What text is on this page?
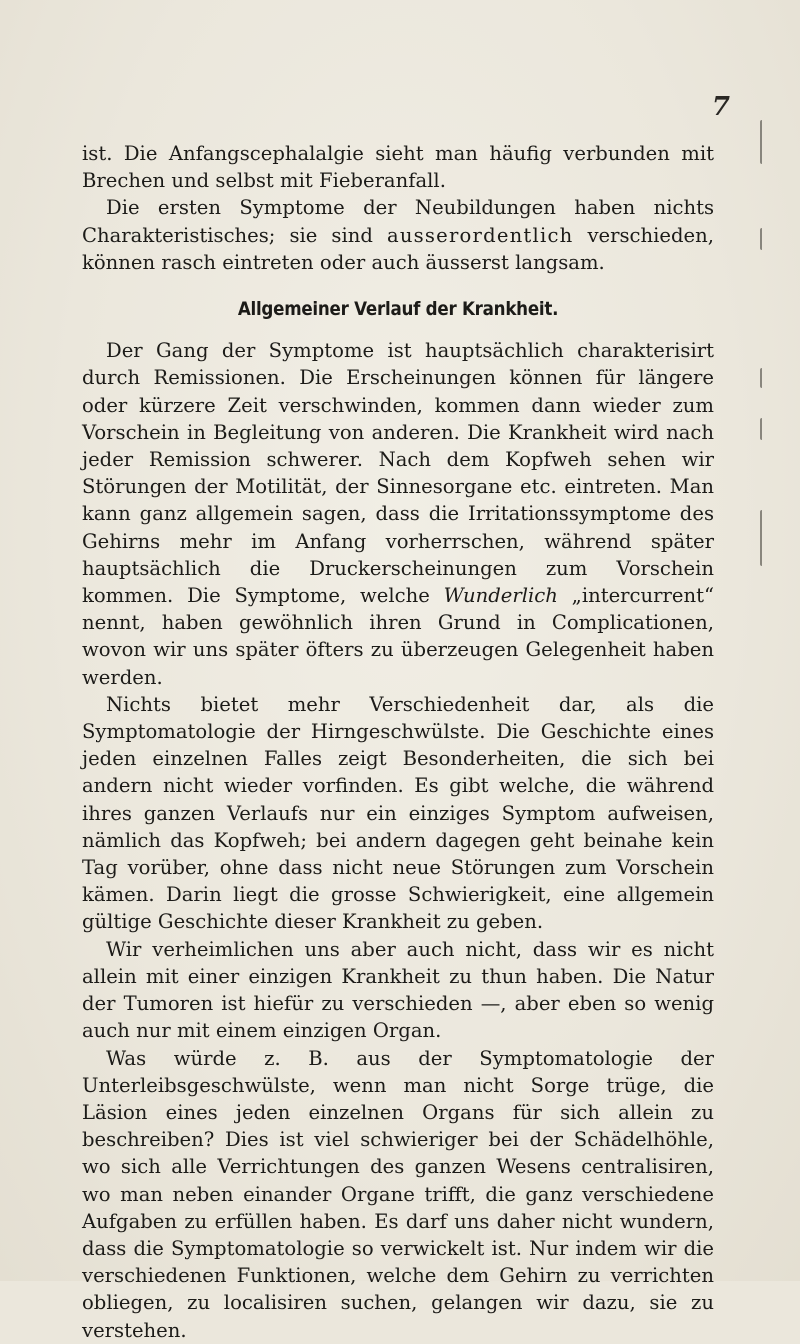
7

ist. Die Anfangscephalalgie sieht man häufig verbunden mit Brechen und selbst mit Fieberanfall.

Die ersten Symptome der Neubildungen haben nichts Charakteristisches; sie sind ausserordentlich verschieden, können rasch eintreten oder auch äusserst langsam.

Allgemeiner Verlauf der Krankheit.

Der Gang der Symptome ist hauptsächlich charakterisirt durch Remissionen. Die Erscheinungen können für längere oder kürzere Zeit verschwinden, kommen dann wieder zum Vorschein in Begleitung von anderen. Die Krankheit wird nach jeder Remission schwerer. Nach dem Kopfweh sehen wir Störungen der Motilität, der Sinnesorgane etc. eintreten. Man kann ganz allgemein sagen, dass die Irritationssymptome des Gehirns mehr im Anfang vorherrschen, während später hauptsächlich die Druckerscheinungen zum Vorschein kommen. Die Symptome, welche Wunderlich „intercurrent“ nennt, haben gewöhnlich ihren Grund in Complicationen, wovon wir uns später öfters zu überzeugen Gelegenheit haben werden.

Nichts bietet mehr Verschiedenheit dar, als die Symptomatologie der Hirngeschwülste. Die Geschichte eines jeden einzelnen Falles zeigt Besonderheiten, die sich bei andern nicht wieder vorfinden. Es gibt welche, die während ihres ganzen Verlaufs nur ein einziges Symptom aufweisen, nämlich das Kopfweh; bei andern dagegen geht beinahe kein Tag vorüber, ohne dass nicht neue Störungen zum Vorschein kämen. Darin liegt die grosse Schwierigkeit, eine allgemein gültige Geschichte dieser Krankheit zu geben.

Wir verheimlichen uns aber auch nicht, dass wir es nicht allein mit einer einzigen Krankheit zu thun haben. Die Natur der Tumoren ist hiefür zu verschieden —, aber eben so wenig auch nur mit einem einzigen Organ.

Was würde z. B. aus der Symptomatologie der Unterleibsgeschwülste, wenn man nicht Sorge trüge, die Läsion eines jeden einzelnen Organs für sich allein zu beschreiben? Dies ist viel schwieriger bei der Schädelhöhle, wo sich alle Verrichtungen des ganzen Wesens centralisiren, wo man neben einander Organe trifft, die ganz verschiedene Aufgaben zu erfüllen haben. Es darf uns daher nicht wundern, dass die Symptomatologie so verwickelt ist. Nur indem wir die verschiedenen Funktionen, welche dem Gehirn zu verrichten obliegen, zu localisiren suchen, gelangen wir dazu, sie zu verstehen.
